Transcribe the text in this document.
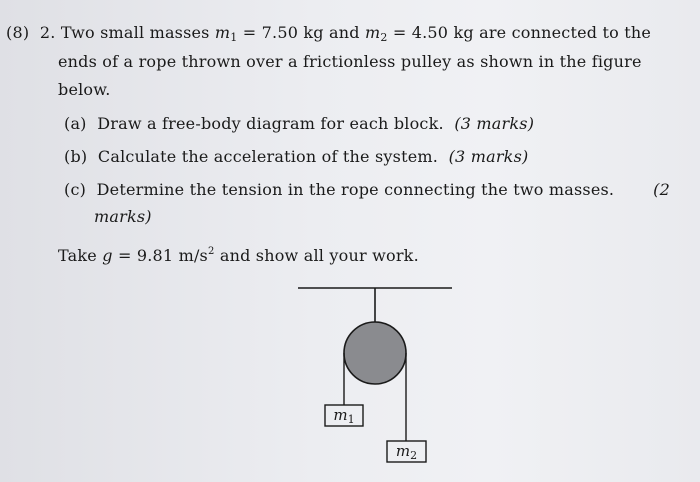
(8) 2. Two small masses $m_1 = 7.50$ kg and $m_2 = 4.50$ kg are connected to the
ends of a rope thrown over a frictionless pulley as shown in the figure
below.
(a) Draw a free-body diagram for each block. (3 marks)
(b) Calculate the acceleration of the system. (3 marks)
(c) Determine the tension in the rope connecting the two masses. (2
marks)
Take g = 9.81 $m/s^2$ and show all your work.
$m_1$
$m_2$
